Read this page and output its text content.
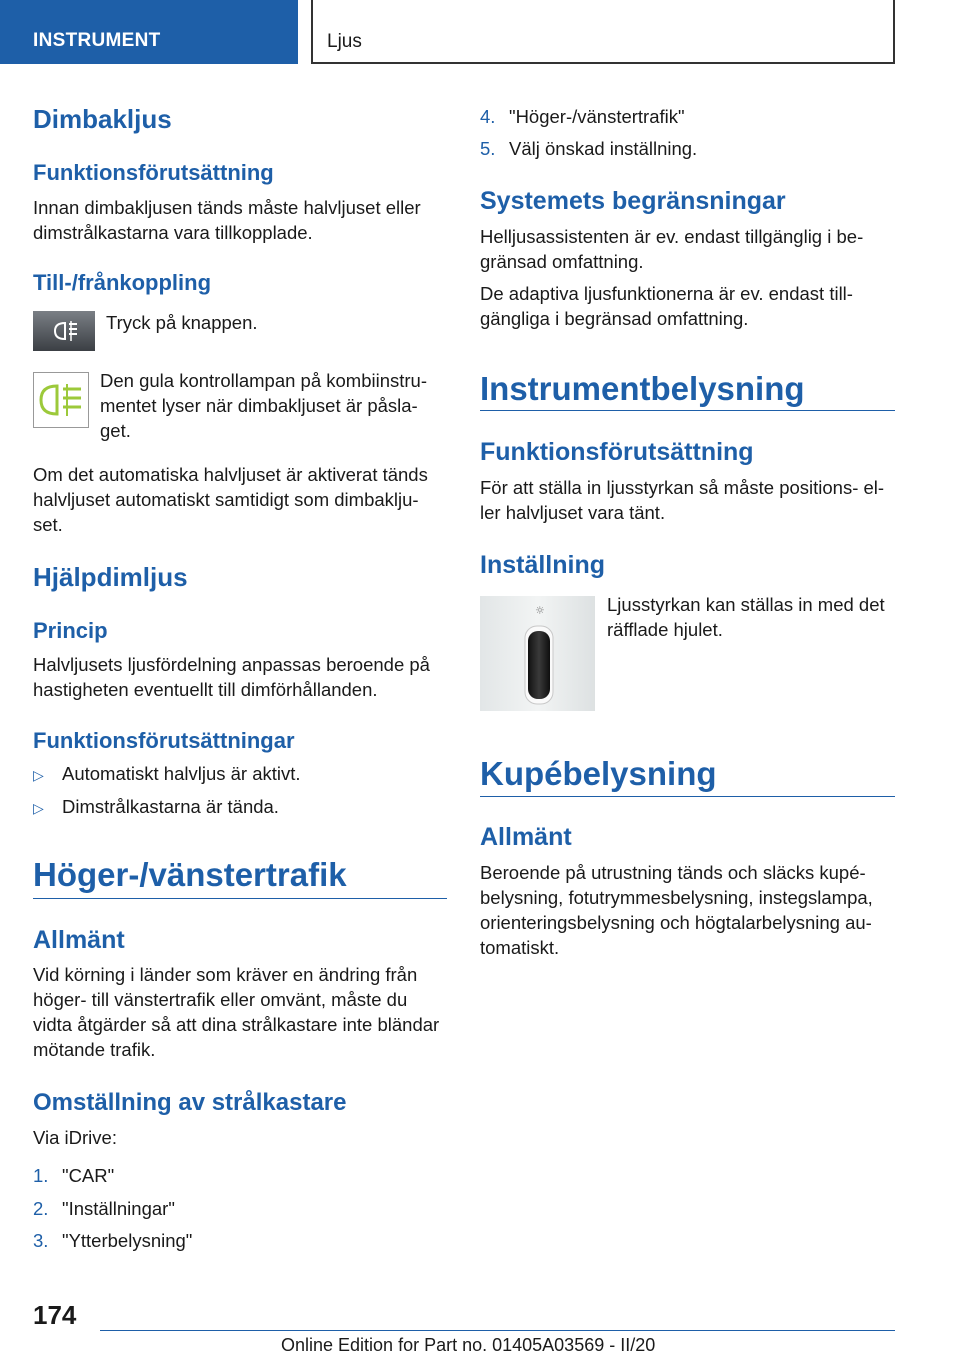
INSTRUMENT	Ljus
Dimbakljus
Funktionsförutsättning

Innan dimbakljusen tänds måste halvljuset eller dimstrålkastarna vara tillkopplade.

Till-/frånkoppling

Tryck på knappen.

Den gula kontrollampan på kombiinstru-mentet lyser när dimbakljuset är påsla-get.

Om det automatiska halvljuset är aktiverat tänds halvljuset automatiskt samtidigt som dimbaklju-set.

Hjälpdimljus
Princip

Halvljusets ljusfördelning anpassas beroende på hastigheten eventuellt till dimförhållanden.

Funktionsförutsättningar
▷ Automatiskt halvljus är aktivt.
▷ Dimstrålkastarna är tända.
Höger-/vänstertrafik
Allmänt

Vid körning i länder som kräver en ändring från höger- till vänstertrafik eller omvänt, måste du vidta åtgärder så att dina strålkastare inte bländar mötande trafik.

Omställning av strålkastare

Via iDrive:

1. "CAR"
2. "Inställningar"
3. "Ytterbelysning"
4. "Höger-/vänstertrafik"
5. Välj önskad inställning.
Systemets begränsningar

Helljusassistenten är ev. endast tillgänglig i be-gränsad omfattning.

De adaptiva ljusfunktionerna är ev. endast till-gängliga i begränsad omfattning.

Instrumentbelysning
Funktionsförutsättning

För att ställa in ljusstyrkan så måste positions- el-ler halvljuset vara tänt.

Inställning
☼	Ljusstyrkan kan ställas in med det räfflade hjulet.

Kupébelysning
Allmänt

Beroende på utrustning tänds och släcks kupé-belysning, fotutrymmesbelysning, instegslampa, orienteringsbelysning och högtalarbelysning au-tomatiskt.

174
Online Edition for Part no. 01405A03569 - II/20
